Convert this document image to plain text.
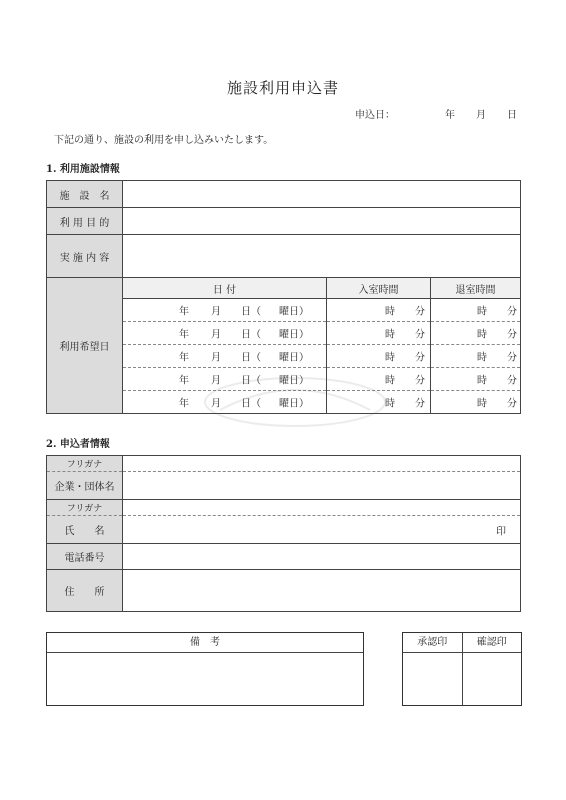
施設利用申込書
申込日：	年 月 日
下記の通り、施設の利用を申し込みいたします。
1. 利用施設情報
施　設　名			
利 用 目 的			
実 施 内 容			
利用希望日	日 付	入室時間	退室時間

	年 月 日（ 曜日）	時 分	時 分

	年 月 日（ 曜日）	時 分	時 分

	年 月 日（ 曜日）	時 分	時 分

	年 月 日（ 曜日）	時 分	時 分

	年 月 日（ 曜日）	時 分	時 分
2. 申込者情報
フリガナ	
企業・団体名	
フリガナ	
氏　　名	印

電話番号	
住　　所	
備　考	承認印	確認印
